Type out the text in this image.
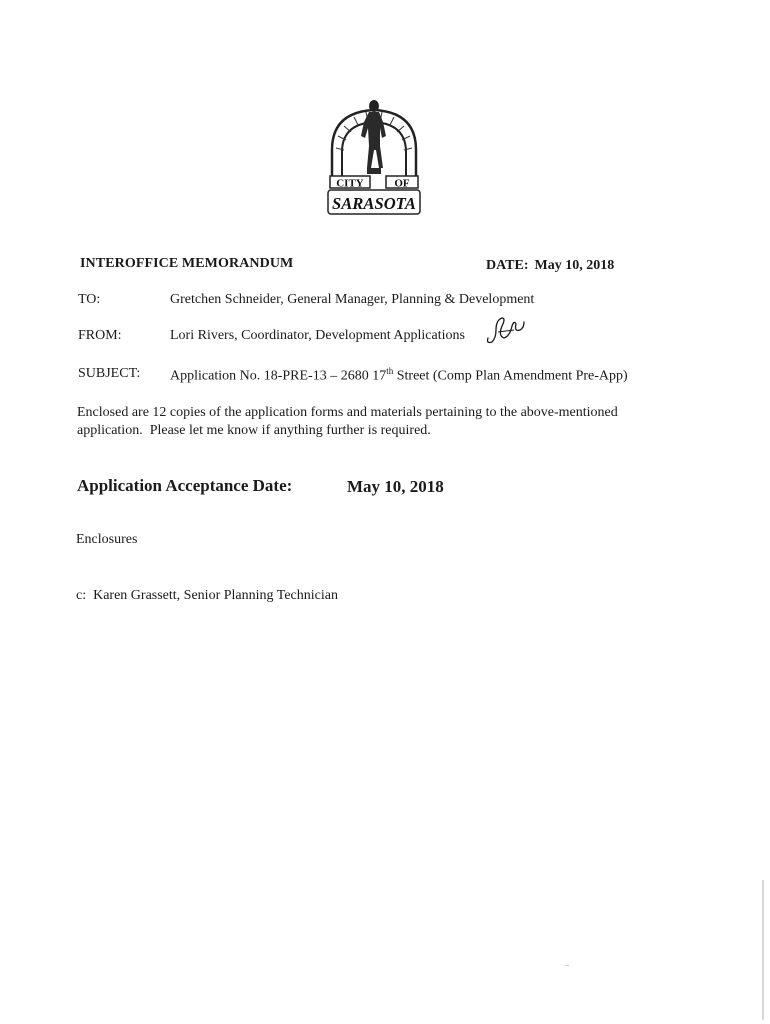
CITY	OF
SARASOTA
INTEROFFICE MEMORANDUM	DATE: May 10, 2018
TO:	Gretchen Schneider, General Manager, Planning & Development
FROM:	Lori Rivers, Coordinator, Development Applications
SUBJECT: Application No. 18-PRE-13 – 2680 17th Street (Comp Plan Amendment Pre-App)
Enclosed are 12 copies of the application forms and materials pertaining to the above-mentioned
application.  Please let me know if anything further is required.
Application Acceptance Date:	May 10, 2018
Enclosures
c:  Karen Grassett, Senior Planning Technician
